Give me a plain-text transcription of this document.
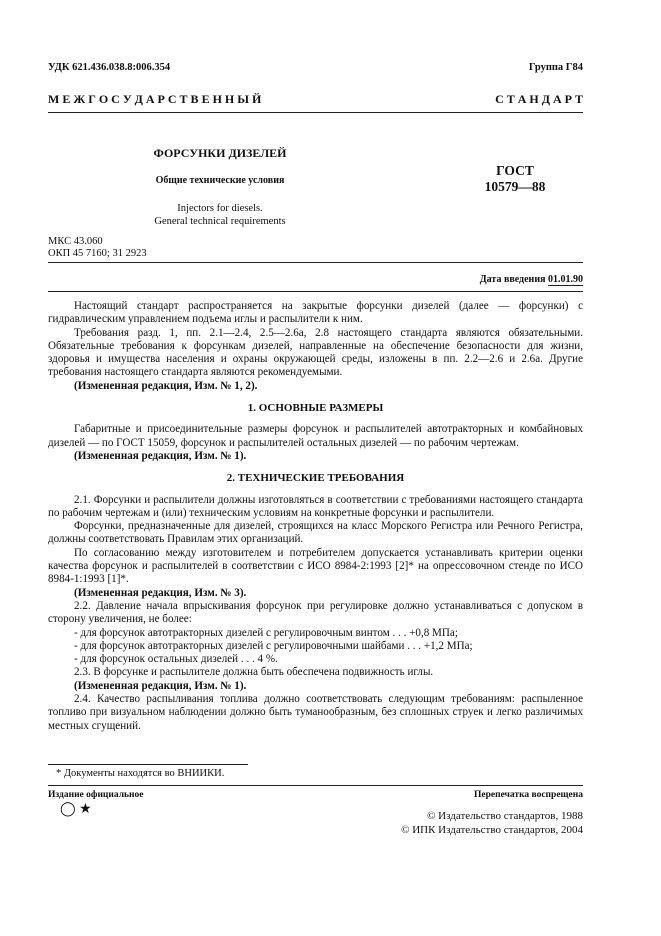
УДК 621.436.038.8:006.354	Группа Г84
М Е Ж Г О С У Д А Р С Т В Е Н Н Ы Й	С Т А Н Д А Р Т
ФОРСУНКИ ДИЗЕЛЕЙ
Общие технические условия
Injectors for diesels.
General technical requirements
ГОСТ
10579—88
МКС 43.060
ОКП 45 7160; 31 2923
Дата введения 01.01.90

Настоящий стандарт распространяется на закрытые форсунки дизелей (далее — форсунки) с гидравлическим управлением подъема иглы и распылители к ним.

Требования разд. 1, пп. 2.1—2.4, 2.5—2.6а, 2.8 настоящего стандарта являются обязательными. Обязательные требования к форсункам дизелей, направленные на обеспечение безопасности для жизни, здоровья и имущества населения и охраны окружающей среды, изложены в пп. 2.2—2.6 и 2.6а. Другие требования настоящего стандарта являются рекомендуемыми.

(Измененная редакция, Изм. № 1, 2).

1. ОСНОВНЫЕ РАЗМЕРЫ

Габаритные и присоединительные размеры форсунок и распылителей автотракторных и комбайновых дизелей — по ГОСТ 15059, форсунок и распылителей остальных дизелей — по рабочим чертежам.

(Измененная редакция, Изм. № 1).

2. ТЕХНИЧЕСКИЕ ТРЕБОВАНИЯ

2.1. Форсунки и распылители должны изготовляться в соответствии с требованиями настоящего стандарта по рабочим чертежам и (или) техническим условиям на конкретные форсунки и распылители.

Форсунки, предназначенные для дизелей, строящихся на класс Морского Регистра или Речного Регистра, должны соответствовать Правилам этих организаций.

По согласованию между изготовителем и потребителем допускается устанавливать критерии оценки качества форсунок и распылителей в соответствии с ИСО 8984-2:1993 [2]* на опрессовочном стенде по ИСО 8984-1:1993 [1]*.

(Измененная редакция, Изм. № 3).

2.2. Давление начала впрыскивания форсунок при регулировке должно устанавливаться с допуском в сторону увеличения, не более:

- для форсунок автотракторных дизелей с регулировочным винтом . . . +0,8 МПа;

- для форсунок автотракторных дизелей с регулировочными шайбами . . . +1,2 МПа;

- для форсунок остальных дизелей . . . 4 %.

2.3. В форсунке и распылителе должна быть обеспечена подвижность иглы.

(Измененная редакция, Изм. № 1).

2.4. Качество распыливания топлива должно соответствовать следующим требованиям: распыленное топливо при визуальном наблюдении должно быть туманообразным, без сплошных струек и легко различимых местных сгущений.

* Документы находятся во ВНИИКИ.
Издание официальное	Перепечатка воспрещена
◯ ★	© Издательство стандартов, 1988
© ИПК Издательство стандартов, 2004
